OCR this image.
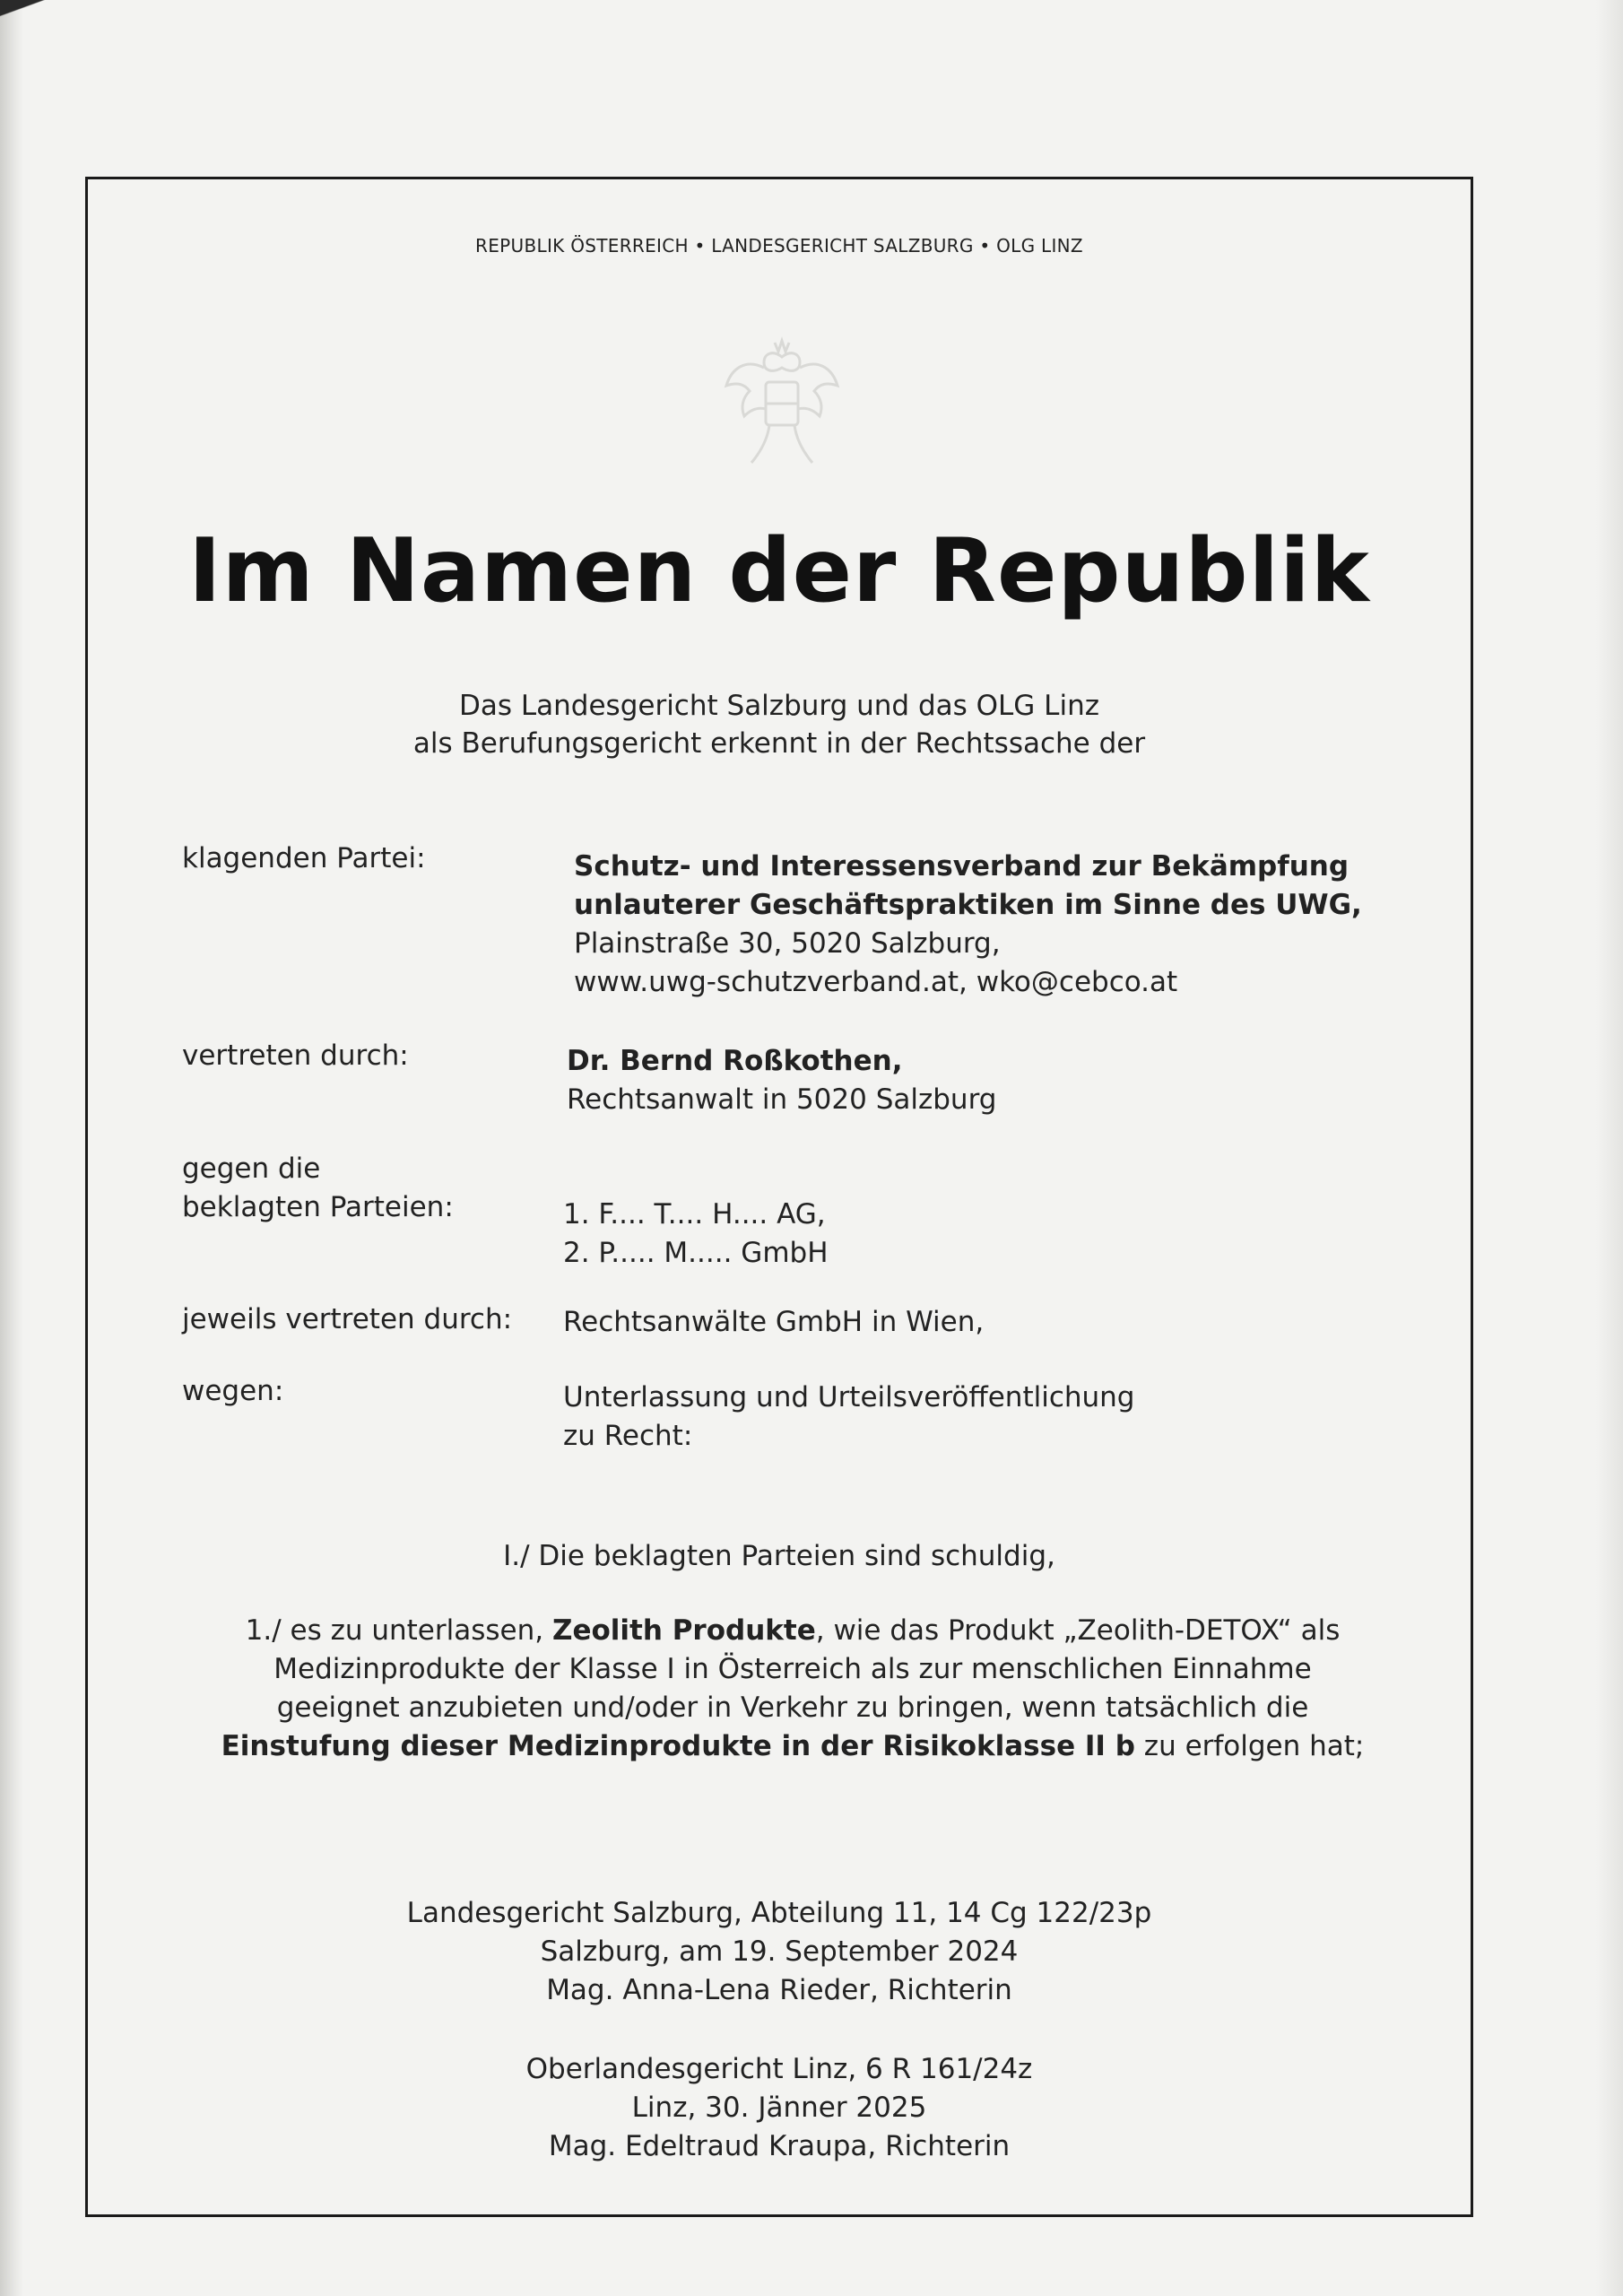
REPUBLIK ÖSTERREICH • LANDESGERICHT SALZBURG • OLG LINZ
Im Namen der Republik
Das Landesgericht Salzburg und das OLG Linz
als Berufungsgericht erkennt in der Rechtssache der
klagenden Partei:	Schutz- und Interessensverband zur Bekämpfung
unlauterer Geschäftspraktiken im Sinne des UWG,
Plainstraße 30, 5020 Salzburg,
www.uwg-schutzverband.at, wko@cebco.at
vertreten durch:	Dr. Bernd Roßkothen,
Rechtsanwalt in 5020 Salzburg
gegen die
beklagten Parteien:	1. F.... T.... H.... AG,
2. P..... M..... GmbH
jeweils vertreten durch: Rechtsanwälte GmbH in Wien,
wegen:	Unterlassung und Urteilsveröffentlichung
zu Recht:
I./ Die beklagten Parteien sind schuldig,
1./ es zu unterlassen, Zeolith Produkte, wie das Produkt „Zeolith-DETOX“ als
Medizinprodukte der Klasse I in Österreich als zur menschlichen Einnahme
geeignet anzubieten und/oder in Verkehr zu bringen, wenn tatsächlich die
Einstufung dieser Medizinprodukte in der Risikoklasse II b zu erfolgen hat;
Landesgericht Salzburg, Abteilung 11, 14 Cg 122/23p
Salzburg, am 19. September 2024
Mag. Anna-Lena Rieder, Richterin
Oberlandesgericht Linz, 6 R 161/24z
Linz, 30. Jänner 2025
Mag. Edeltraud Kraupa, Richterin
